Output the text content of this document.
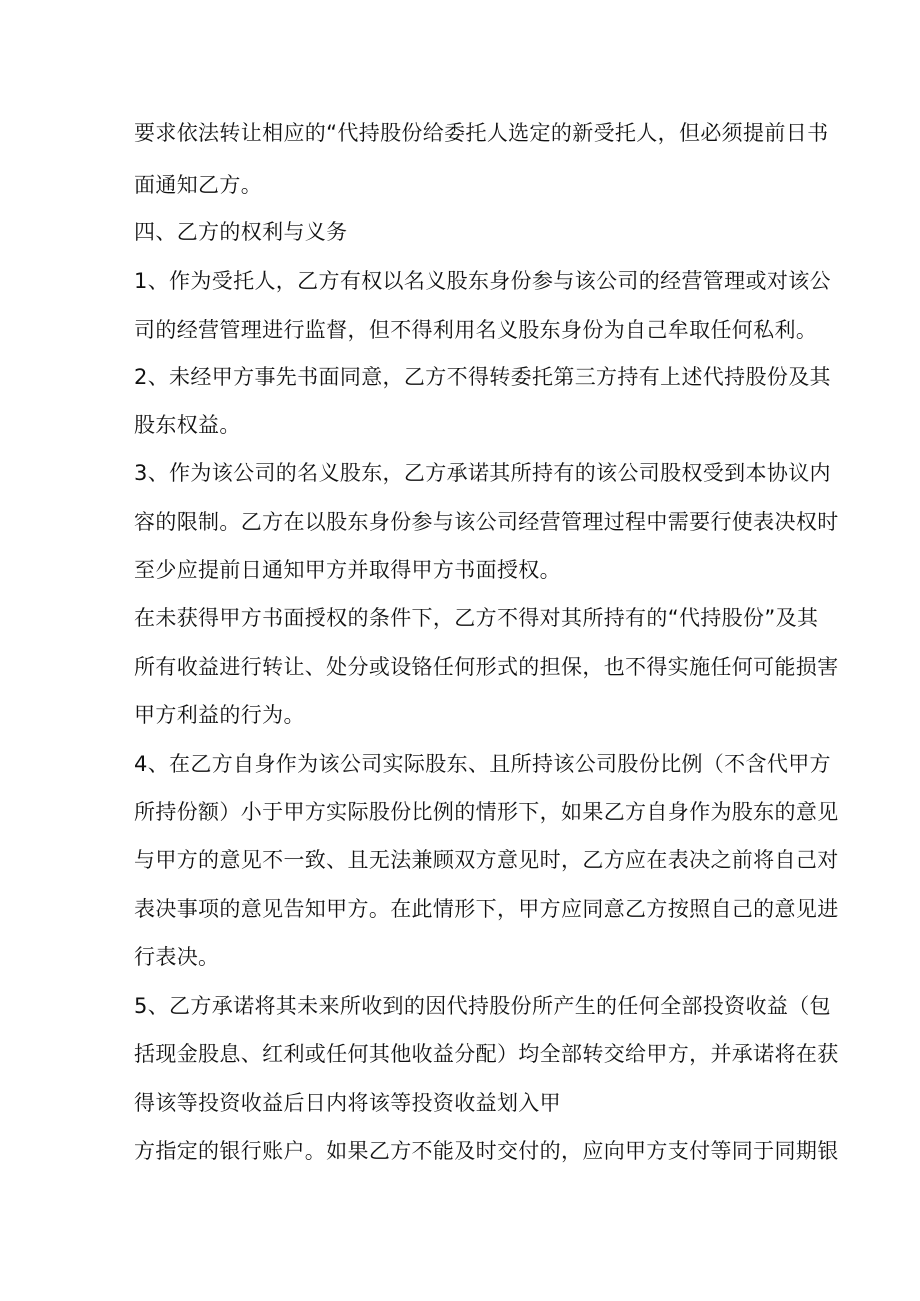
要求依法转让相应的“代持股份给委托人选定的新受托人，但必须提前日书

面通知乙方。

四、乙方的权利与义务

1、作为受托人，乙方有权以名义股东身份参与该公司的经营管理或对该公

司的经营管理进行监督，但不得利用名义股东身份为自己牟取任何私利。

2、未经甲方事先书面同意，乙方不得转委托第三方持有上述代持股份及其

股东权益。

3、作为该公司的名义股东，乙方承诺其所持有的该公司股权受到本协议内

容的限制。乙方在以股东身份参与该公司经营管理过程中需要行使表决权时

至少应提前日通知甲方并取得甲方书面授权。

在未获得甲方书面授权的条件下，乙方不得对其所持有的“代持股份”及其

所有收益进行转让、处分或设铬任何形式的担保，也不得实施任何可能损害

甲方利益的行为。

4、在乙方自身作为该公司实际股东、且所持该公司股份比例（不含代甲方

所持份额）小于甲方实际股份比例的情形下，如果乙方自身作为股东的意见

与甲方的意见不一致、且无法兼顾双方意见时，乙方应在表决之前将自己对

表决事项的意见告知甲方。在此情形下，甲方应同意乙方按照自己的意见进

行表决。

5、乙方承诺将其未来所收到的因代持股份所产生的任何全部投资收益（包

括现金股息、红利或任何其他收益分配）均全部转交给甲方，并承诺将在获

得该等投资收益后日内将该等投资收益划入甲

方指定的银行账户。如果乙方不能及时交付的，应向甲方支付等同于同期银
